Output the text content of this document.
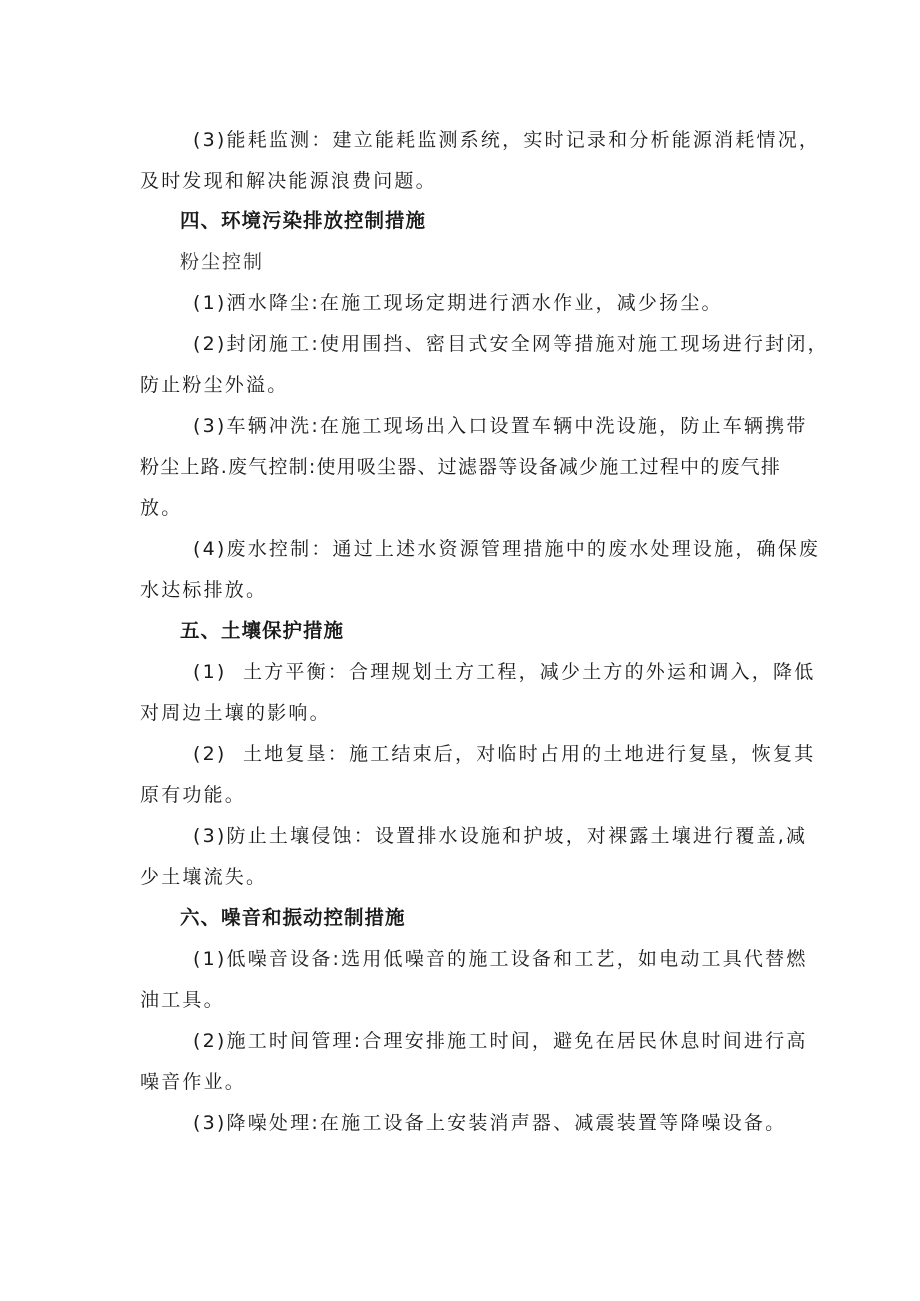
(3)能耗监测：建立能耗监测系统，实时记录和分析能源消耗情况，
及时发现和解决能源浪费问题。
四、环境污染排放控制措施
粉尘控制
(1)洒水降尘:在施工现场定期进行洒水作业，减少扬尘。
(2)封闭施工:使用围挡、密目式安全网等措施对施工现场进行封闭，
防止粉尘外溢。
(3)车辆冲洗:在施工现场出入口设置车辆中洗设施，防止车辆携带
粉尘上路.废气控制:使用吸尘器、过滤器等设备减少施工过程中的废气排
放。
(4)废水控制：通过上述水资源管理措施中的废水处理设施，确保废
水达标排放。
五、土壤保护措施
(1)  土方平衡：合理规划土方工程，减少土方的外运和调入，降低
对周边土壤的影响。
(2)  土地复垦：施工结束后，对临时占用的土地进行复垦，恢复其
原有功能。
(3)防止土壤侵蚀：设置排水设施和护坡，对裸露土壤进行覆盖,减
少土壤流失。
六、噪音和振动控制措施
(1)低噪音设备:选用低噪音的施工设备和工艺，如电动工具代替燃
油工具。
(2)施工时间管理:合理安排施工时间，避免在居民休息时间进行高
噪音作业。
(3)降噪处理:在施工设备上安装消声器、减震装置等降噪设备。
